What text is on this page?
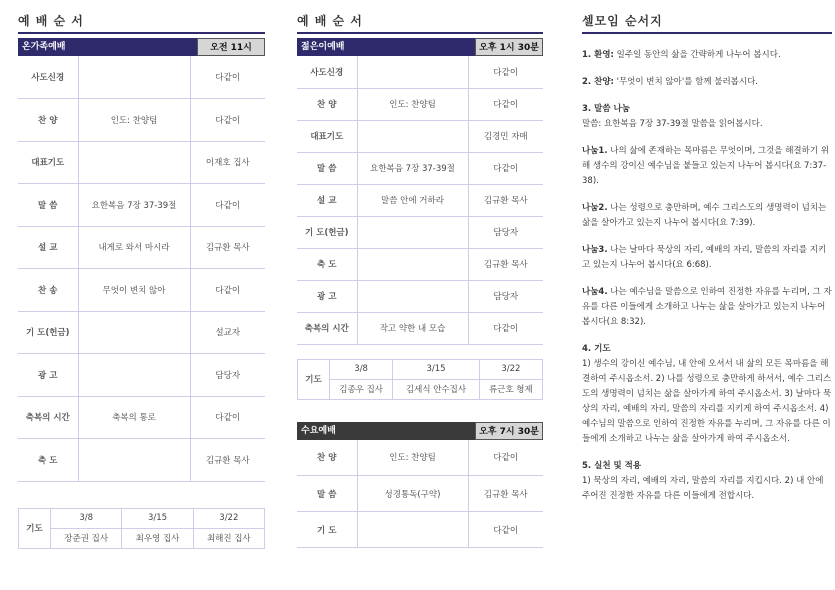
예 배 순 서
온가족예배	오전 11시
사도신경		다같이
찬 양	인도: 찬양팀	다같이
대표기도		이재호 집사
말 씀	요한복음 7장 37-39절	다같이
설 교	내게로 와서 마시라	김규환 목사
찬 송	무엇이 변치 않아	다같이
기 도(헌금)		설교자
광 고		담당자
축복의 시간	축복의 통로	다같이
축 도		김규환 목사
기도	3/8	3/15	3/22
	장준권 집사	최우영 집사	최해진 집사
예 배 순 서
젊은이예배	오후 1시 30분
사도신경		다같이
찬 양	인도: 찬양팀	다같이
대표기도		김경민 자매
말 씀	요한복음 7장 37-39절	다같이
설 교	말씀 안에 거하라	김규환 목사
기 도(헌금)		담당자
축 도		김규환 목사
광 고		담당자
축복의 시간	작고 약한 내 모습	다같이
기도	3/8	3/15	3/22
	김종우 집사	김세식 안수집사	류근호 형제
수요예배	오후 7시 30분
찬 양	인도: 찬양팀	다같이
말 씀	성경통독(구약)	김규환 목사
기 도		다같이
셀모임 순서지
1. 환영: 일주일 동안의 삶을 간략하게 나누어 봅시다.
2. 찬양: '무엇이 변치 않아'를 함께 불러봅시다.
3. 말씀 나눔
말씀: 요한복음 7장 37-39절 말씀을 읽어봅시다.
나눔1. 나의 삶에 존재하는 목마름은 무엇이며, 그것을 해결하기 위해 생수의 강이신 예수님을 붙들고 있는지 나누어 봅시다(요 7:37-38).
나눔2. 나는 성령으로 충만하며, 예수 그리스도의 생명력이 넘치는 삶을 살아가고 있는지 나누어 봅시다(요 7:39).
나눔3. 나는 날마다 묵상의 자리, 예배의 자리, 말씀의 자리를 지키고 있는지 나누어 봅시다(요 6:68).
나눔4. 나는 예수님을 말씀으로 인하여 진정한 자유를 누리며, 그 자유를 다른 이들에게 소개하고 나누는 삶을 살아가고 있는지 나누어 봅시다(요 8:32).
4. 기도
1) 생수의 강이신 예수님, 내 안에 오셔서 내 삶의 모든 목마름을 해결하여 주시옵소서. 2) 나를 성령으로 충만하게 하셔서, 예수 그리스도의 생명력이 넘치는 삶을 살아가게 하여 주시옵소서. 3) 날마다 묵상의 자리, 예배의 자리, 말씀의 자리를 지키게 하여 주시옵소서. 4) 예수님의 말씀으로 인하여 진정한 자유를 누리며, 그 자유를 다른 이들에게 소개하고 나누는 삶을 살아가게 하여 주시옵소서.
5. 실천 및 적용
1) 묵상의 자리, 예배의 자리, 말씀의 자리를 지킵시다. 2) 내 안에 주어진 진정한 자유를 다른 이들에게 전합시다.
